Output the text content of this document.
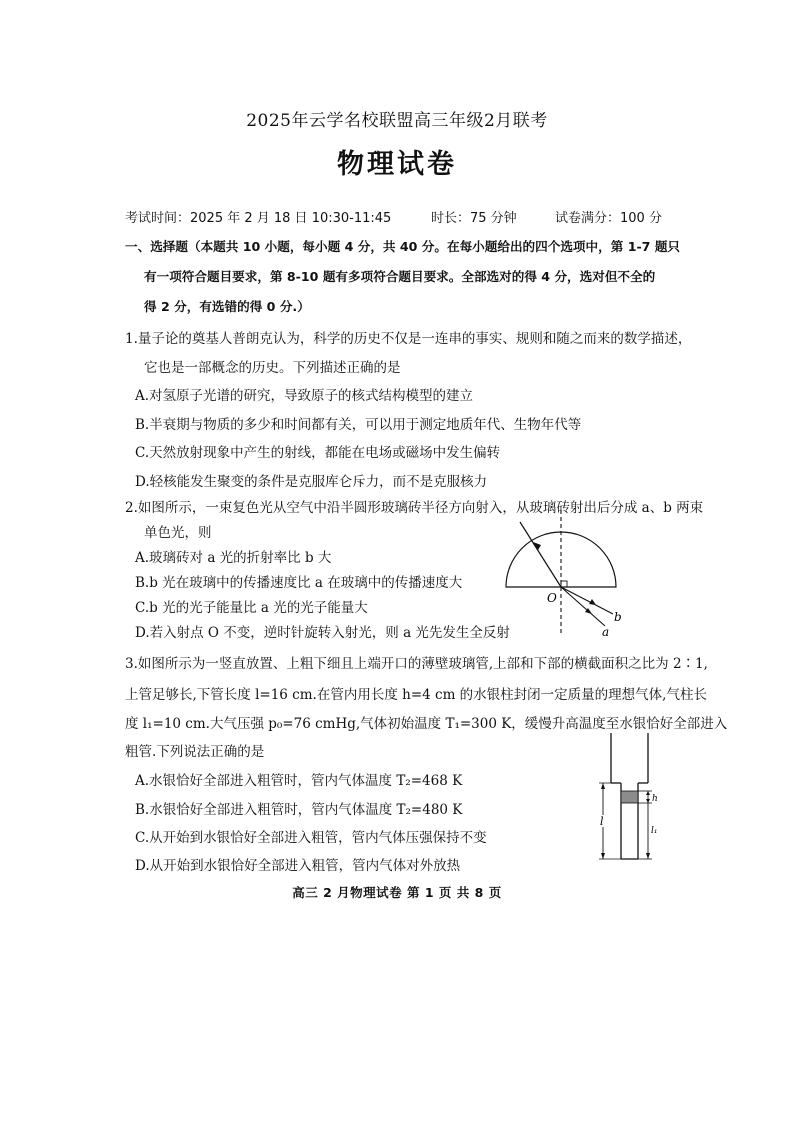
2025年云学名校联盟高三年级2月联考
物理试卷
考试时间：2025 年 2 月 18 日 10:30-11:45	时长：75 分钟	试卷满分：100 分
一、选择题（本题共 10 小题，每小题 4 分，共 40 分。在每小题给出的四个选项中，第 1-7 题只
有一项符合题目要求，第 8-10 题有多项符合题目要求。全部选对的得 4 分，选对但不全的
得 2 分，有选错的得 0 分.）
1.量子论的奠基人普朗克认为，科学的历史不仅是一连串的事实、规则和随之而来的数学描述，
它也是一部概念的历史。下列描述正确的是
A.对氢原子光谱的研究，导致原子的核式结构模型的建立
B.半衰期与物质的多少和时间都有关，可以用于测定地质年代、生物年代等
C.天然放射现象中产生的射线，都能在电场或磁场中发生偏转
D.轻核能发生聚变的条件是克服库仑斥力，而不是克服核力
2.如图所示，一束复色光从空气中沿半圆形玻璃砖半径方向射入，从玻璃砖射出后分成 a、b 两束
单色光，则
A.玻璃砖对 a 光的折射率比 b 大
B.b 光在玻璃中的传播速度比 a 在玻璃中的传播速度大
C.b 光的光子能量比 a 光的光子能量大
D.若入射点 O 不变，逆时针旋转入射光，则 a 光先发生全反射
O
b
a
3.如图所示为一竖直放置、上粗下细且上端开口的薄壁玻璃管,上部和下部的横截面积之比为 2∶1,
上管足够长,下管长度 l=16 cm.在管内用长度 h=4 cm 的水银柱封闭一定质量的理想气体,气柱长
度 l₁=10 cm.大气压强 p₀=76 cmHg,气体初始温度 T₁=300 K，缓慢升高温度至水银恰好全部进入
粗管.下列说法正确的是
A.水银恰好全部进入粗管时，管内气体温度 T₂=468 K
B.水银恰好全部进入粗管时，管内气体温度 T₂=480 K
C.从开始到水银恰好全部进入粗管，管内气体压强保持不变
D.从开始到水银恰好全部进入粗管，管内气体对外放热
l
h
l₁
高三 2 月物理试卷 第 1 页 共 8 页
